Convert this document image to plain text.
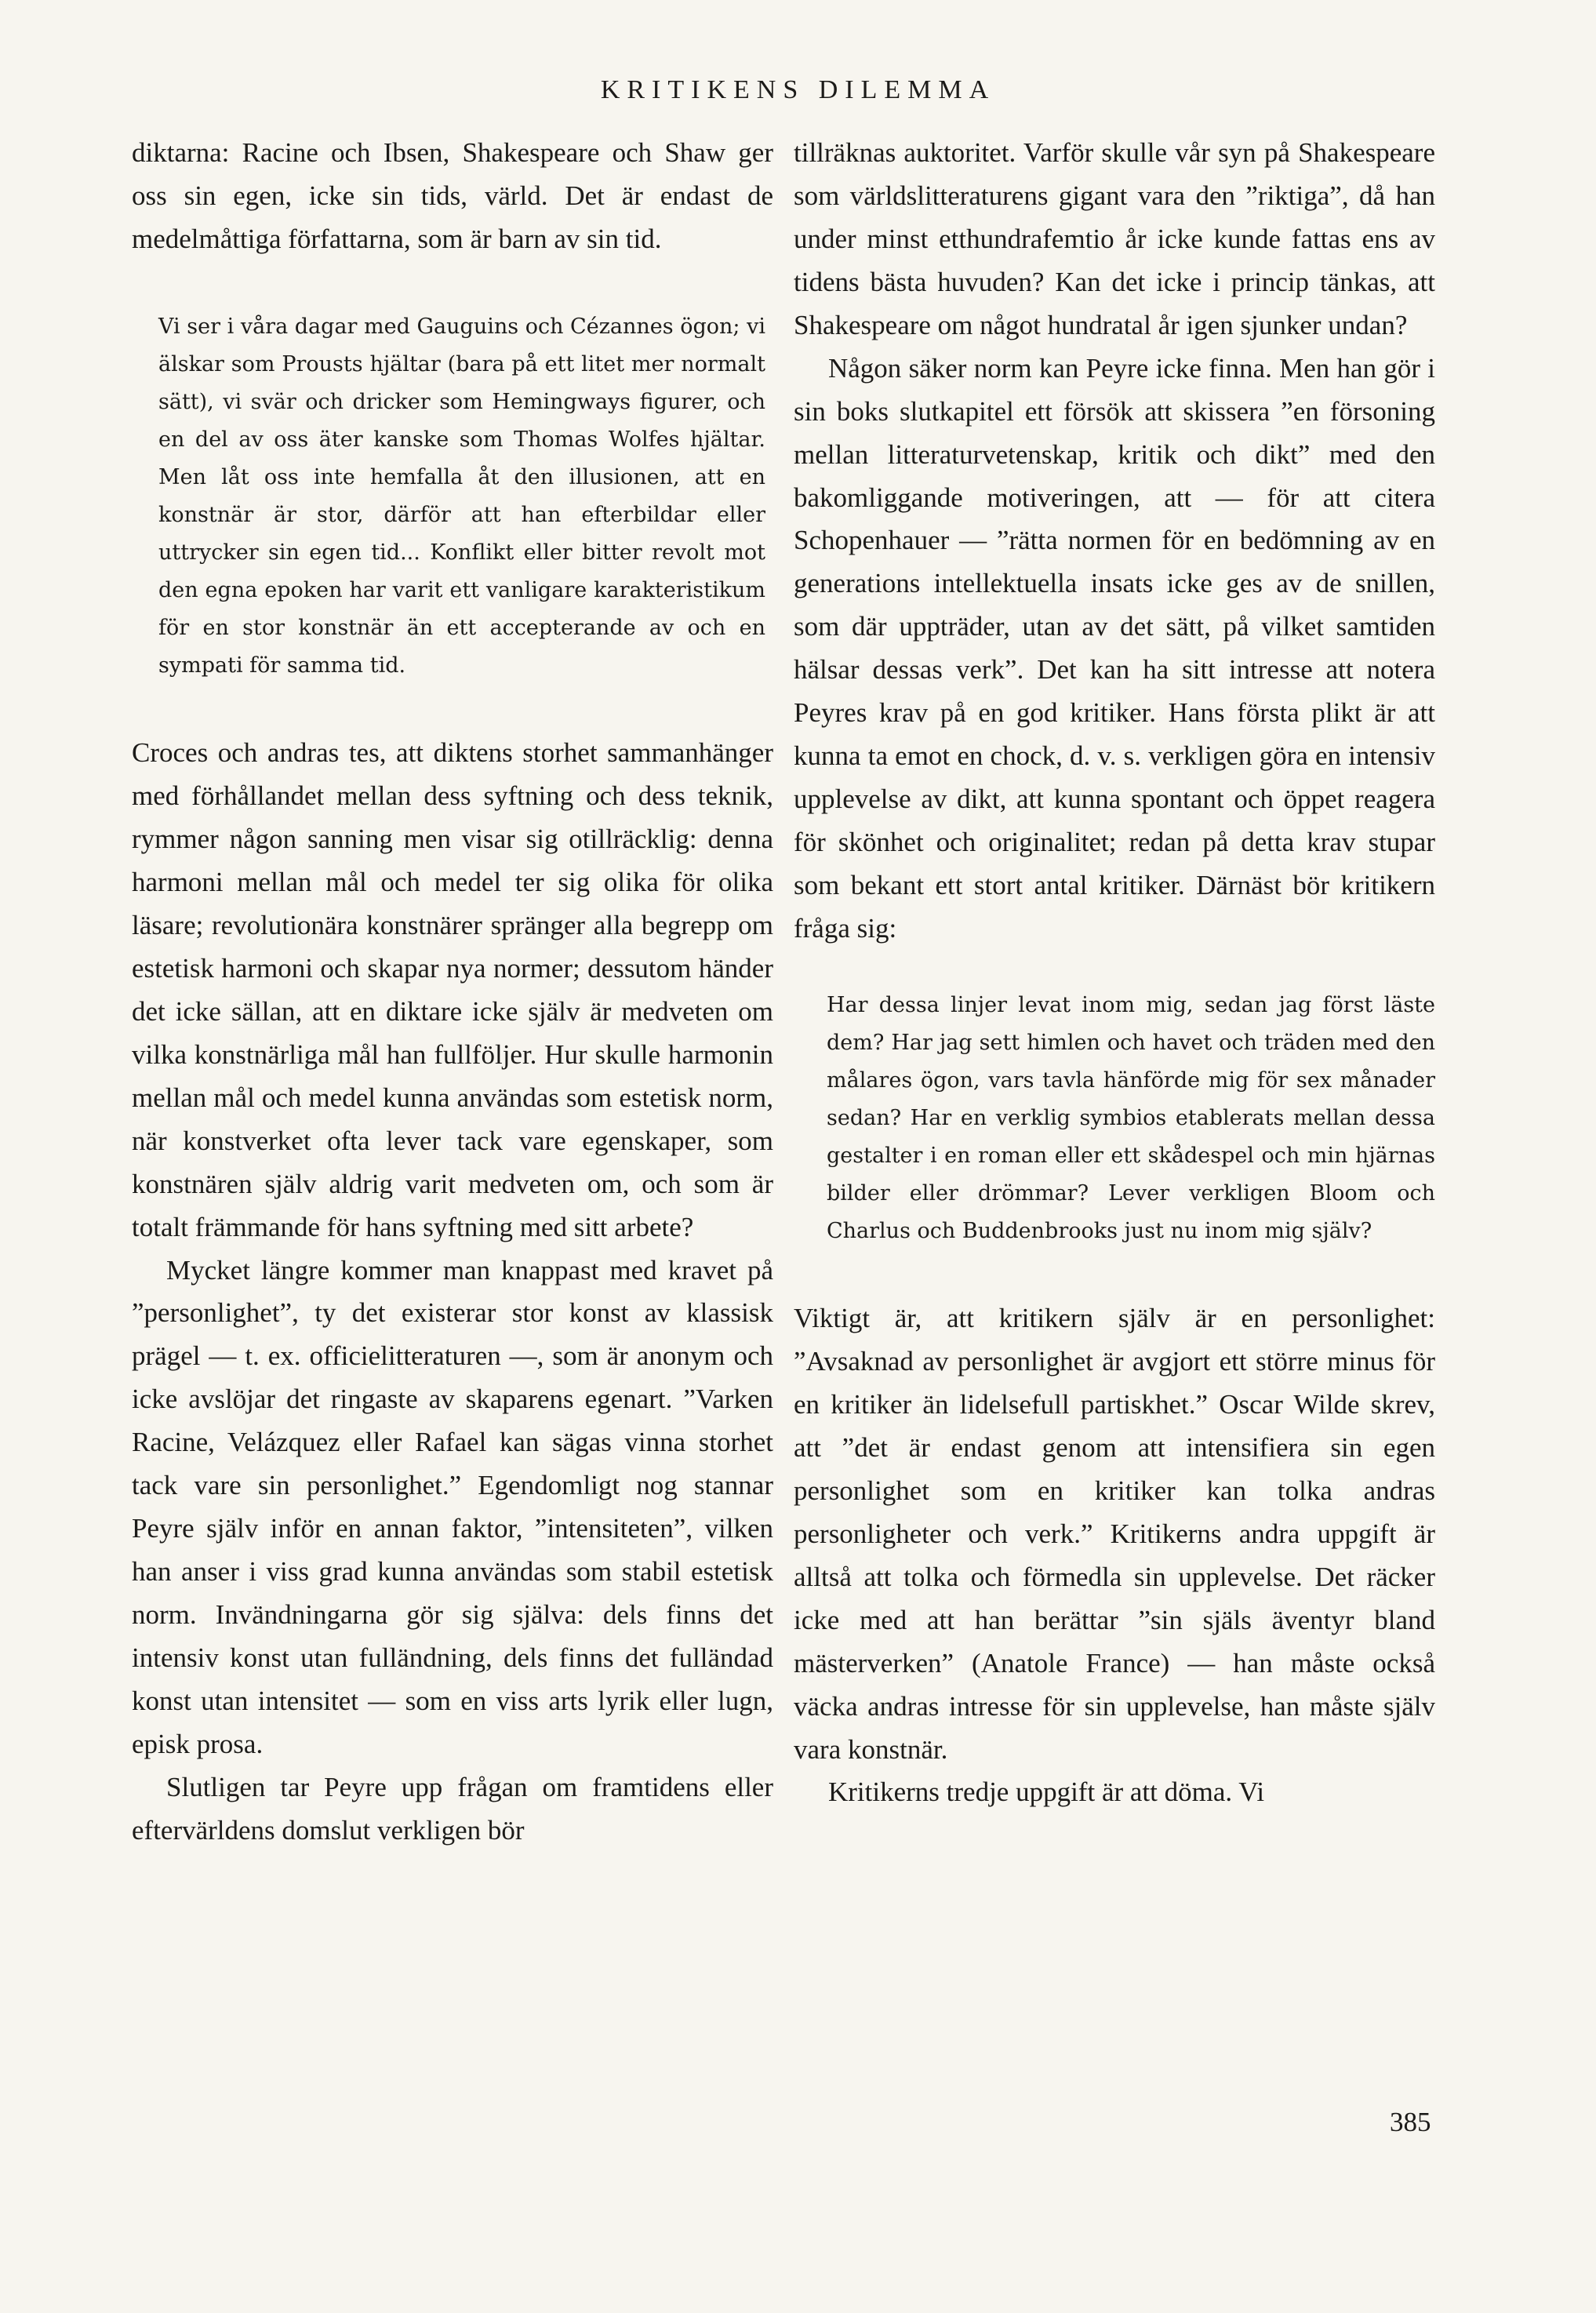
KRITIKENS DILEMMA

diktarna: Racine och Ibsen, Shakespeare och Shaw ger oss sin egen, icke sin tids, värld. Det är endast de medelmåttiga författarna, som är barn av sin tid.

Vi ser i våra dagar med Gauguins och Cézannes ögon; vi älskar som Prousts hjältar (bara på ett litet mer normalt sätt), vi svär och dricker som Hemingways figurer, och en del av oss äter kanske som Thomas Wolfes hjältar. Men låt oss inte hemfalla åt den illusionen, att en konstnär är stor, därför att han efterbildar eller uttrycker sin egen tid... Konflikt eller bitter revolt mot den egna epoken har varit ett vanligare karakteristikum för en stor konstnär än ett accepterande av och en sympati för samma tid.

Croces och andras tes, att diktens storhet sammanhänger med förhållandet mellan dess syftning och dess teknik, rymmer någon sanning men visar sig otillräcklig: denna harmoni mellan mål och medel ter sig olika för olika läsare; revolutionära konstnärer spränger alla begrepp om estetisk harmoni och skapar nya normer; dessutom händer det icke sällan, att en diktare icke själv är medveten om vilka konstnärliga mål han fullföljer. Hur skulle harmonin mellan mål och medel kunna användas som estetisk norm, när konstverket ofta lever tack vare egenskaper, som konstnären själv aldrig varit medveten om, och som är totalt främmande för hans syftning med sitt arbete?

Mycket längre kommer man knappast med kravet på ”personlighet”, ty det existerar stor konst av klassisk prägel — t. ex. officielitteraturen —, som är anonym och icke avslöjar det ringaste av skaparens egenart. ”Varken Racine, Velázquez eller Rafael kan sägas vinna storhet tack vare sin personlighet.” Egendomligt nog stannar Peyre själv inför en annan faktor, ”intensiteten”, vilken han anser i viss grad kunna användas som stabil estetisk norm. Invändningarna gör sig själva: dels finns det intensiv konst utan fulländning, dels finns det fulländad konst utan intensitet — som en viss arts lyrik eller lugn, episk prosa.

Slutligen tar Peyre upp frågan om framtidens eller eftervärldens domslut verkligen bör

tillräknas auktoritet. Varför skulle vår syn på Shakespeare som världslitteraturens gigant vara den ”riktiga”, då han under minst etthundrafemtio år icke kunde fattas ens av tidens bästa huvuden? Kan det icke i princip tänkas, att Shakespeare om något hundratal år igen sjunker undan?

Någon säker norm kan Peyre icke finna. Men han gör i sin boks slutkapitel ett försök att skissera ”en försoning mellan litteraturvetenskap, kritik och dikt” med den bakomliggande motiveringen, att — för att citera Schopenhauer — ”rätta normen för en bedömning av en generations intellektuella insats icke ges av de snillen, som där uppträder, utan av det sätt, på vilket samtiden hälsar dessas verk”. Det kan ha sitt intresse att notera Peyres krav på en god kritiker. Hans första plikt är att kunna ta emot en chock, d. v. s. verkligen göra en intensiv upplevelse av dikt, att kunna spontant och öppet reagera för skönhet och originalitet; redan på detta krav stupar som bekant ett stort antal kritiker. Därnäst bör kritikern fråga sig:

Har dessa linjer levat inom mig, sedan jag först läste dem? Har jag sett himlen och havet och träden med den målares ögon, vars tavla hänförde mig för sex månader sedan? Har en verklig symbios etablerats mellan dessa gestalter i en roman eller ett skådespel och min hjärnas bilder eller drömmar? Lever verkligen Bloom och Charlus och Buddenbrooks just nu inom mig själv?

Viktigt är, att kritikern själv är en personlighet: ”Avsaknad av personlighet är avgjort ett större minus för en kritiker än lidelsefull partiskhet.” Oscar Wilde skrev, att ”det är endast genom att intensifiera sin egen personlighet som en kritiker kan tolka andras personligheter och verk.” Kritikerns andra uppgift är alltså att tolka och förmedla sin upplevelse. Det räcker icke med att han berättar ”sin själs äventyr bland mästerverken” (Anatole France) — han måste också väcka andras intresse för sin upplevelse, han måste själv vara konstnär.

Kritikerns tredje uppgift är att döma. Vi

385
